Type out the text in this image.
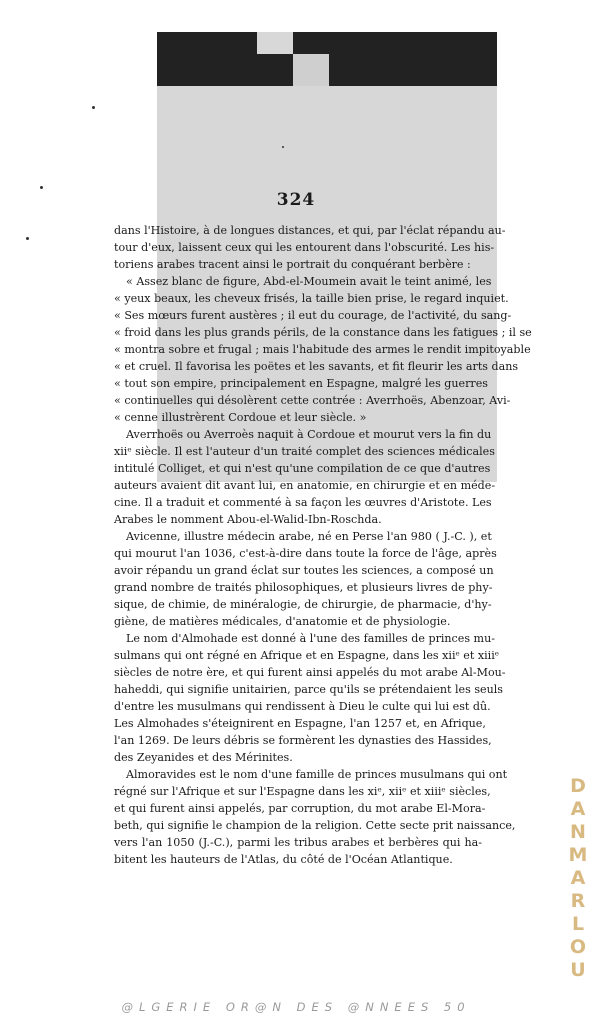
324
dans l'Histoire, à de longues distances, et qui, par l'éclat répandu au-
tour d'eux, laissent ceux qui les entourent dans l'obscurité. Les his-
toriens arabes tracent ainsi le portrait du conquérant berbère :
« Assez blanc de figure, Abd-el-Moumein avait le teint animé, les
« yeux beaux, les cheveux frisés, la taille bien prise, le regard inquiet.
« Ses mœurs furent austères ; il eut du courage, de l'activité, du sang-
« froid dans les plus grands périls, de la constance dans les fatigues ; il se
« montra sobre et frugal ; mais l'habitude des armes le rendit impitoyable
« et cruel. Il favorisa les poëtes et les savants, et fit fleurir les arts dans
« tout son empire, principalement en Espagne, malgré les guerres
« continuelles qui désolèrent cette contrée : Averrhoës, Abenzoar, Avi-
« cenne illustrèrent Cordoue et leur siècle. »
Averrhoës ou Averroès naquit à Cordoue et mourut vers la fin du
xiiᵉ siècle. Il est l'auteur d'un traité complet des sciences médicales
intitulé Colliget, et qui n'est qu'une compilation de ce que d'autres
auteurs avaient dit avant lui, en anatomie, en chirurgie et en méde-
cine. Il a traduit et commenté à sa façon les œuvres d'Aristote. Les
Arabes le nomment Abou-el-Walid-Ibn-Roschda.
Avicenne, illustre médecin arabe, né en Perse l'an 980 ( J.-C. ), et
qui mourut l'an 1036, c'est-à-dire dans toute la force de l'âge, après
avoir répandu un grand éclat sur toutes les sciences, a composé un
grand nombre de traités philosophiques, et plusieurs livres de phy-
sique, de chimie, de minéralogie, de chirurgie, de pharmacie, d'hy-
giène, de matières médicales, d'anatomie et de physiologie.
Le nom d'Almohade est donné à l'une des familles de princes mu-
sulmans qui ont régné en Afrique et en Espagne, dans les xiiᵉ et xiiiᵉ
siècles de notre ère, et qui furent ainsi appelés du mot arabe Al-Mou-
haheddi, qui signifie unitairien, parce qu'ils se prétendaient les seuls
d'entre les musulmans qui rendissent à Dieu le culte qui lui est dû.
Les Almohades s'éteignirent en Espagne, l'an 1257 et, en Afrique,
l'an 1269. De leurs débris se formèrent les dynasties des Hassides,
des Zeyanides et des Mérinites.
Almoravides est le nom d'une famille de princes musulmans qui ont
régné sur l'Afrique et sur l'Espagne dans les xiᵉ, xiiᵉ et xiiiᵉ siècles,
et qui furent ainsi appelés, par corruption, du mot arabe El-Mora-
beth, qui signifie le champion de la religion. Cette secte prit naissance,
vers l'an 1050 (J.-C.), parmi les tribus arabes et berbères qui ha-
bitent les hauteurs de l'Atlas, du côté de l'Océan Atlantique.
D
A
N
M
A
R
L
O
U
@LGERIE OR@N DES @NNEES 50
